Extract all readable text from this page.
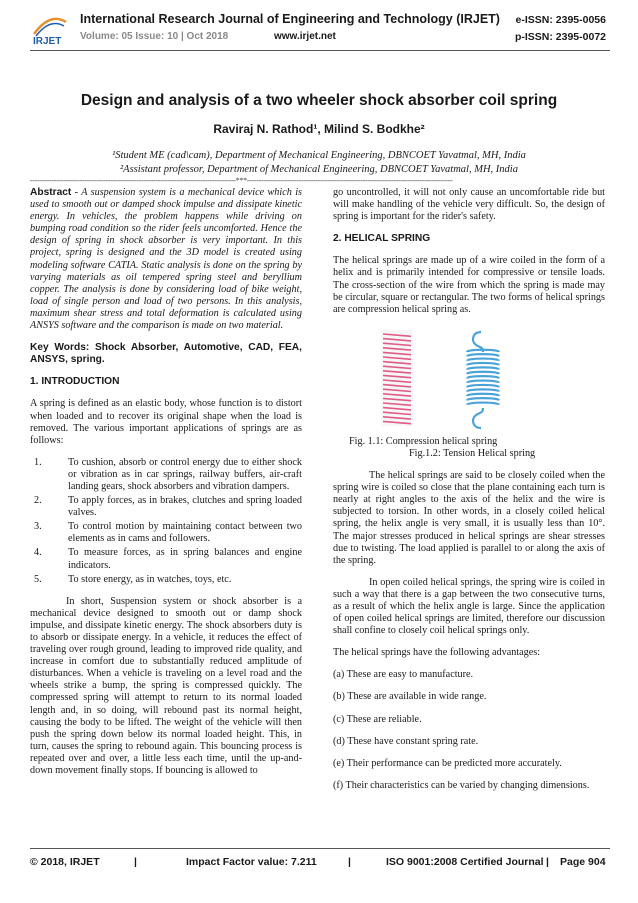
IRJET
International Research Journal of Engineering and Technology (IRJET)
Volume: 05 Issue: 10 | Oct 2018	www.irjet.net
e-ISSN: 2395-0056
p-ISSN: 2395-0072
Design and analysis of a two wheeler shock absorber coil spring
Raviraj N. Rathod¹, Milind S. Bodkhe²
¹Student ME (cad\cam), Department of Mechanical Engineering, DBNCOET Yavatmal, MH, India
²Assistant professor, Department of Mechanical Engineering, DBNCOET Yavatmal, MH, India
---------------------------------------------------------------------------------------***---------------------------------------------------------------------------------------

Abstract - A suspension system is a mechanical device which is used to smooth out or damped shock impulse and dissipate kinetic energy. In vehicles, the problem happens while driving on bumping road condition so the rider feels uncomforted. Hence the design of spring in shock absorber is very important. In this project, spring is designed and the 3D model is created using modeling software CATIA. Static analysis is done on the spring by varying materials as oil tempered spring steel and beryllium copper. The analysis is done by considering load of bike weight, load of single person and load of two persons. In this analysis, maximum shear stress and total deformation is calculated using ANSYS software and the comparison is made on two material.

Key Words: Shock Absorber, Automotive, CAD, FEA, ANSYS, spring.

1. INTRODUCTION

A spring is defined as an elastic body, whose function is to distort when loaded and to recover its original shape when the load is removed. The various important applications of springs are as follows:

1.	To cushion, absorb or control energy due to either shock or vibration as in car springs, railway buffers, air-craft landing gears, shock absorbers and vibration dampers.
2.	To apply forces, as in brakes, clutches and spring loaded valves.
3.	To control motion by maintaining contact between two elements as in cams and followers.
4.	To measure forces, as in spring balances and engine indicators.
5.	To store energy, as in watches, toys, etc.

In short, Suspension system or shock absorber is a mechanical device designed to smooth out or damp shock impulse, and dissipate kinetic energy. The shock absorbers duty is to absorb or dissipate energy. In a vehicle, it reduces the effect of traveling over rough ground, leading to improved ride quality, and increase in comfort due to substantially reduced amplitude of disturbances. When a vehicle is traveling on a level road and the wheels strike a bump, the spring is compressed quickly. The compressed spring will attempt to return to its normal loaded length and, in so doing, will rebound past its normal height, causing the body to be lifted. The weight of the vehicle will then push the spring down below its normal loaded height. This, in turn, causes the spring to rebound again. This bouncing process is repeated over and over, a little less each time, until the up-and-down movement finally stops. If bouncing is allowed to

go uncontrolled, it will not only cause an uncomfortable ride but will make handling of the vehicle very difficult. So, the design of spring is important for the rider's safety.

2. HELICAL SPRING

The helical springs are made up of a wire coiled in the form of a helix and is primarily intended for compressive or tensile loads. The cross-section of the wire from which the spring is made may be circular, square or rectangular. The two forms of helical springs are compression helical spring as.

Fig. 1.1: Compression helical spring

Fig.1.2: Tension Helical spring

The helical springs are said to be closely coiled when the spring wire is coiled so close that the plane containing each turn is nearly at right angles to the axis of the helix and the wire is subjected to torsion. In other words, in a closely coiled helical spring, the helix angle is very small, it is usually less than 10°. The major stresses produced in helical springs are shear stresses due to twisting. The load applied is parallel to or along the axis of the spring.

In open coiled helical springs, the spring wire is coiled in such a way that there is a gap between the two consecutive turns, as a result of which the helix angle is large. Since the application of open coiled helical springs are limited, therefore our discussion shall confine to closely coil helical springs only.

The helical springs have the following advantages:

(a) These are easy to manufacture.

(b) These are available in wide range.

(c) These are reliable.

(d) These have constant spring rate.

(e) Their performance can be predicted more accurately.

(f) Their characteristics can be varied by changing dimensions.

© 2018, IRJET	|	Impact Factor value: 7.211	|	ISO 9001:2008 Certified Journal | Page 904
